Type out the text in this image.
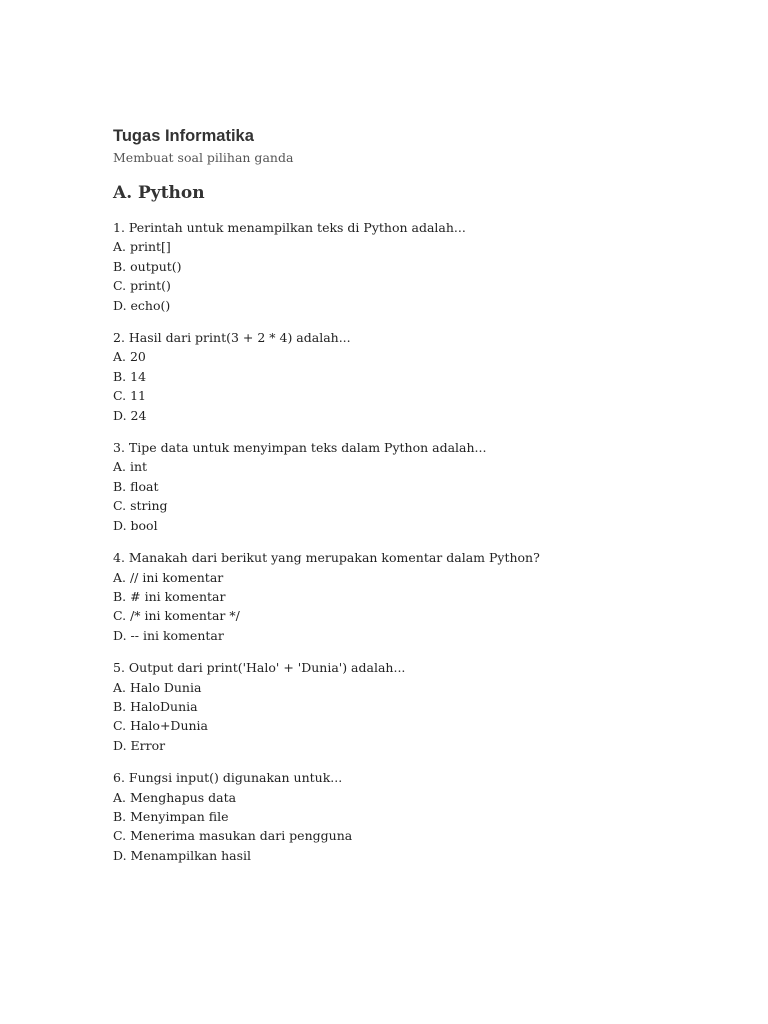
Tugas Informatika
Membuat soal pilihan ganda
A. Python
1. Perintah untuk menampilkan teks di Python adalah...
A. print[]
B. output()
C. print()
D. echo()
2. Hasil dari print(3 + 2 * 4) adalah...
A. 20
B. 14
C. 11
D. 24
3. Tipe data untuk menyimpan teks dalam Python adalah...
A. int
B. float
C. string
D. bool
4. Manakah dari berikut yang merupakan komentar dalam Python?
A. // ini komentar
B. # ini komentar
C. /* ini komentar */
D. -- ini komentar
5. Output dari print('Halo' + 'Dunia') adalah...
A. Halo Dunia
B. HaloDunia
C. Halo+Dunia
D. Error
6. Fungsi input() digunakan untuk...
A. Menghapus data
B. Menyimpan file
C. Menerima masukan dari pengguna
D. Menampilkan hasil
